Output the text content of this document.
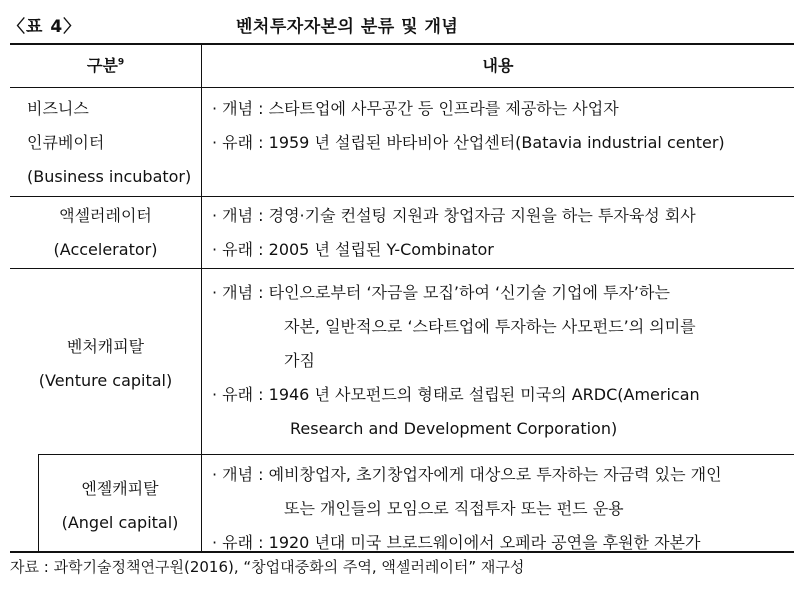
〈표 4〉	벤처투자자본의 분류 및 개념
구분$^9$	내용
비즈니스
인큐베이터
(Business incubator)
· 개념 : 스타트업에 사무공간 등 인프라를 제공하는 사업자
· 유래 : 1959 년 설립된 바타비아 산업센터(Batavia industrial center)
액셀러레이터
(Accelerator)
· 개념 : 경영·기술 컨설팅 지원과 창업자금 지원을 하는 투자육성 회사
· 유래 : 2005 년 설립된 Y-Combinator
벤처캐피탈
(Venture capital)
· 개념 : 타인으로부터 ‘자금을 모집’하여 ‘신기술 기업에 투자’하는
자본, 일반적으로 ‘스타트업에 투자하는 사모펀드’의 의미를
가짐
· 유래 : 1946 년 사모펀드의 형태로 설립된 미국의 ARDC(American
Research and Development Corporation)
엔젤캐피탈
(Angel capital)
· 개념 : 예비창업자, 초기창업자에게 대상으로 투자하는 자금력 있는 개인
또는 개인들의 모임으로 직접투자 또는 펀드 운용
· 유래 : 1920 년대 미국 브로드웨이에서 오페라 공연을 후원한 자본가
자료 : 과학기술정책연구원(2016), “창업대중화의 주역, 액셀러레이터” 재구성
